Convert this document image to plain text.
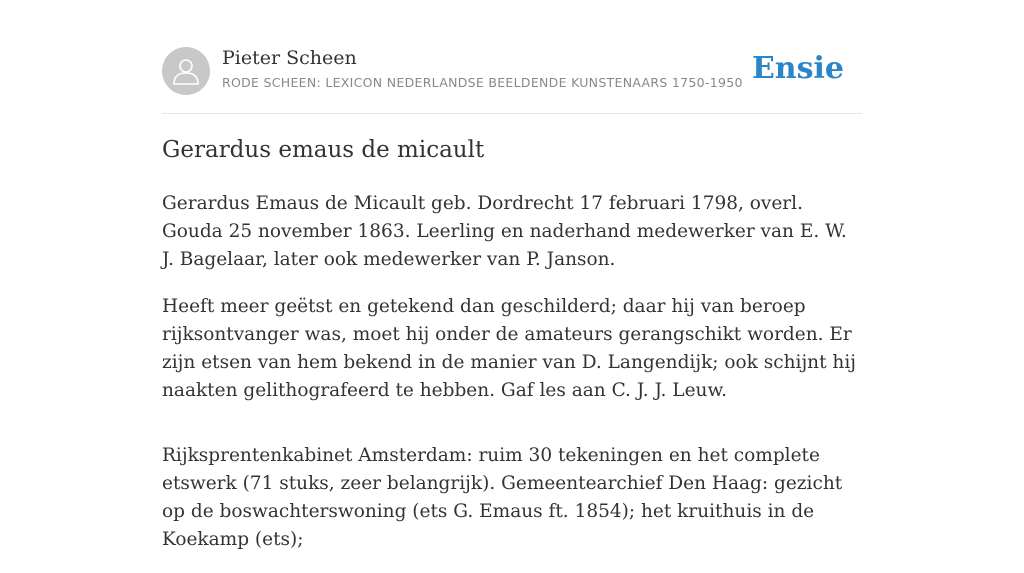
Pieter Scheen
RODE SCHEEN: LEXICON NEDERLANDSE BEELDENDE KUNSTENAARS 1750-1950 Ensie
Gerardus emaus de micault

Gerardus Emaus de Micault geb. Dordrecht 17 februari 1798, overl. Gouda 25 november 1863. Leerling en naderhand medewerker van E. W. J. Bagelaar, later ook medewerker van P. Janson.

Heeft meer geëtst en getekend dan geschilderd; daar hij van beroep rijksontvanger was, moet hij onder de amateurs gerangschikt worden. Er zijn etsen van hem bekend in de manier van D. Langendijk; ook schijnt hij naakten gelithografeerd te hebben. Gaf les aan C. J. J. Leuw.

Rijksprentenkabinet Amsterdam: ruim 30 tekeningen en het complete etswerk (71 stuks, zeer belangrijk). Gemeentearchief Den Haag: gezicht op de boswachterswoning (ets G. Emaus ft. 1854); het kruithuis in de Koekamp (ets);
